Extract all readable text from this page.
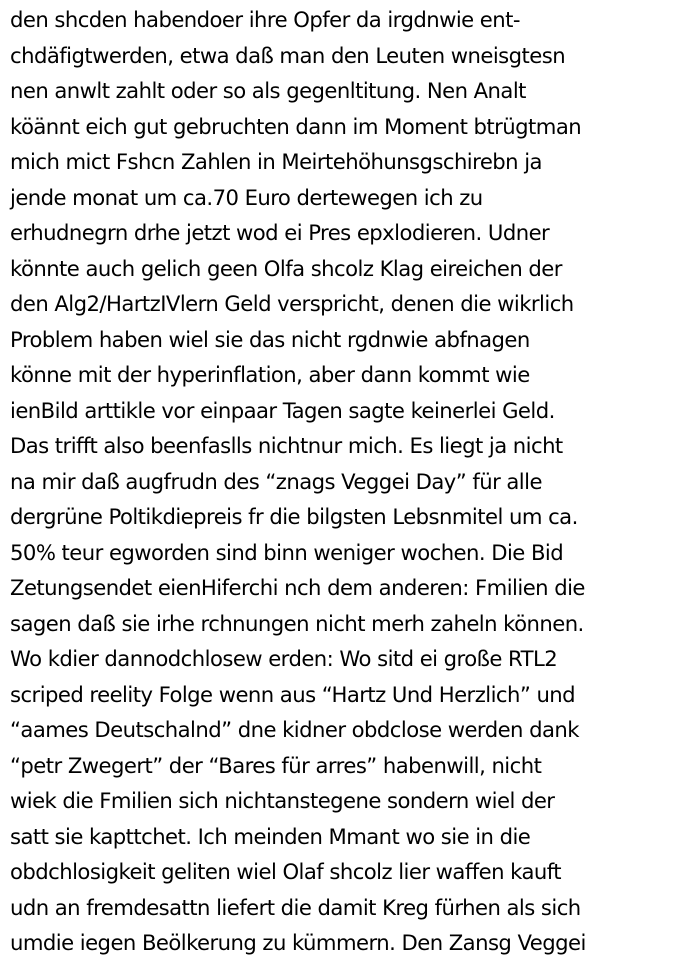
den shcden habendoer ihre Opfer da irgdnwie ent-
chdäfigtwerden, etwa daß man den Leuten wneisgtesn
nen anwlt zahlt oder so als gegenltitung. Nen Analt
köännt eich gut gebruchten dann im Moment btrügtman
mich mict Fshcn Zahlen in Meirtehöhunsgschirebn ja
jende monat um ca.70 Euro dertewegen ich zu
erhudnegrn drhe jetzt wod ei Pres epxlodieren. Udner
könnte auch gelich geen Olfa shcolz Klag eireichen der
den Alg2/HartzIVlern Geld verspricht, denen die wikrlich
Problem haben wiel sie das nicht rgdnwie abfnagen
könne mit der hyperinflation, aber dann kommt wie
ienBild arttikle vor einpaar Tagen sagte keinerlei Geld.
Das trifft also beenfaslls nichtnur mich. Es liegt ja nicht
na mir daß augfrudn des “znags Veggei Day” für alle
dergrüne Poltikdiepreis fr die bilgsten Lebsnmitel um ca.
50% teur egworden sind binn weniger wochen. Die Bid
Zetungsendet eienHiferchi nch dem anderen: Fmilien die
sagen daß sie irhe rchnungen nicht merh zaheln können.
Wo kdier dannodchlosew erden: Wo sitd ei große RTL2
scriped reelity Folge wenn aus “Hartz Und Herzlich” und
“aames Deutschalnd” dne kidner obdclose werden dank
“petr Zwegert” der “Bares für arres” habenwill, nicht
wiek die Fmilien sich nichtanstegene sondern wiel der
satt sie kapttchet. Ich meinden Mmant wo sie in die
obdchlosigkeit geliten wiel Olaf shcolz lier waffen kauft
udn an fremdesattn liefert die damit Kreg fürhen als sich
umdie iegen Beölkerung zu kümmern. Den Zansg Veggei
